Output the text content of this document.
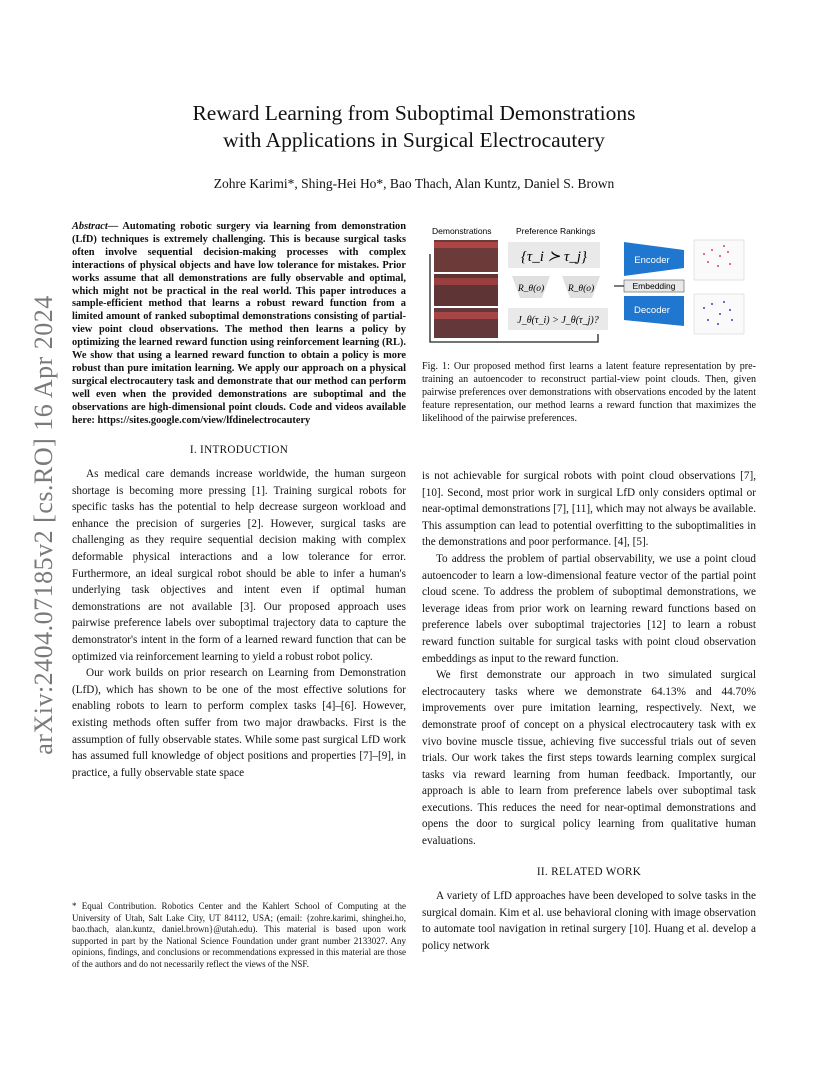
arXiv:2404.07185v2 [cs.RO] 16 Apr 2024
Reward Learning from Suboptimal Demonstrations
with Applications in Surgical Electrocautery
Zohre Karimi*, Shing-Hei Ho*, Bao Thach, Alan Kuntz, Daniel S. Brown

Abstract— Automating robotic surgery via learning from demonstration (LfD) techniques is extremely challenging. This is because surgical tasks often involve sequential decision-making processes with complex interactions of physical objects and have low tolerance for mistakes. Prior works assume that all demonstrations are fully observable and optimal, which might not be practical in the real world. This paper introduces a sample-efficient method that learns a robust reward function from a limited amount of ranked suboptimal demonstrations consisting of partial-view point cloud observations. The method then learns a policy by optimizing the learned reward function using reinforcement learning (RL). We show that using a learned reward function to obtain a policy is more robust than pure imitation learning. We apply our approach on a physical surgical electrocautery task and demonstrate that our method can perform well even when the provided demonstrations are suboptimal and the observations are high-dimensional point clouds. Code and videos available here: https://sites.google.com/view/lfdinelectrocautery

I. INTRODUCTION

As medical care demands increase worldwide, the human surgeon shortage is becoming more pressing [1]. Training surgical robots for specific tasks has the potential to help decrease surgeon workload and enhance the precision of surgeries [2]. However, surgical tasks are challenging as they require sequential decision making with complex deformable physical interactions and a low tolerance for error. Furthermore, an ideal surgical robot should be able to infer a human's underlying task objectives and intent even if optimal human demonstrations are not available [3]. Our proposed approach uses pairwise preference labels over suboptimal trajectory data to capture the demonstrator's intent in the form of a learned reward function that can be optimized via reinforcement learning to yield a robust robot policy.

Our work builds on prior research on Learning from Demonstration (LfD), which has shown to be one of the most effective solutions for enabling robots to learn to perform complex tasks [4]–[6]. However, existing methods often suffer from two major drawbacks. First is the assumption of fully observable states. While some past surgical LfD work has assumed full knowledge of object positions and properties [7]–[9], in practice, a fully observable state space

* Equal Contribution. Robotics Center and the Kahlert School of Computing at the University of Utah, Salt Lake City, UT 84112, USA; (email: {zohre.karimi, shinghei.ho, bao.thach, alan.kuntz, daniel.brown}@utah.edu). This material is based upon work supported in part by the National Science Foundation under grant number 2133027. Any opinions, findings, and conclusions or recommendations expressed in this material are those of the authors and do not necessarily reflect the views of the NSF.
Demonstrations	Preference Rankings
{τ_i ≻ τ_j}
R_θ(o) R_θ(o)
J_θ(τ_i) > J_θ(τ_j)?
Encoder
Embedding
Decoder
Fig. 1: Our proposed method first learns a latent feature representation by pre-training an autoencoder to reconstruct partial-view point clouds. Then, given pairwise preferences over demonstrations with observations encoded by the latent feature representation, our method learns a reward function that maximizes the likelihood of the pairwise preferences.

is not achievable for surgical robots with point cloud observations [7], [10]. Second, most prior work in surgical LfD only considers optimal or near-optimal demonstrations [7], [11], which may not always be available. This assumption can lead to potential overfitting to the suboptimalities in the demonstrations and poor performance. [4], [5].

To address the problem of partial observability, we use a point cloud autoencoder to learn a low-dimensional feature vector of the partial point cloud scene. To address the problem of suboptimal demonstrations, we leverage ideas from prior work on learning reward functions based on preference labels over suboptimal trajectories [12] to learn a robust reward function suitable for surgical tasks with point cloud observation embeddings as input to the reward function.

We first demonstrate our approach in two simulated surgical electrocautery tasks where we demonstrate 64.13% and 44.70% improvements over pure imitation learning, respectively. Next, we demonstrate proof of concept on a physical electrocautery task with ex vivo bovine muscle tissue, achieving five successful trials out of seven trials. Our work takes the first steps towards learning complex surgical tasks via reward learning from human feedback. Importantly, our approach is able to learn from preference labels over suboptimal task executions. This reduces the need for near-optimal demonstrations and opens the door to surgical policy learning from qualitative human evaluations.

II. RELATED WORK

A variety of LfD approaches have been developed to solve tasks in the surgical domain. Kim et al. use behavioral cloning with image observation to automate tool navigation in retinal surgery [10]. Huang et al. develop a policy network
